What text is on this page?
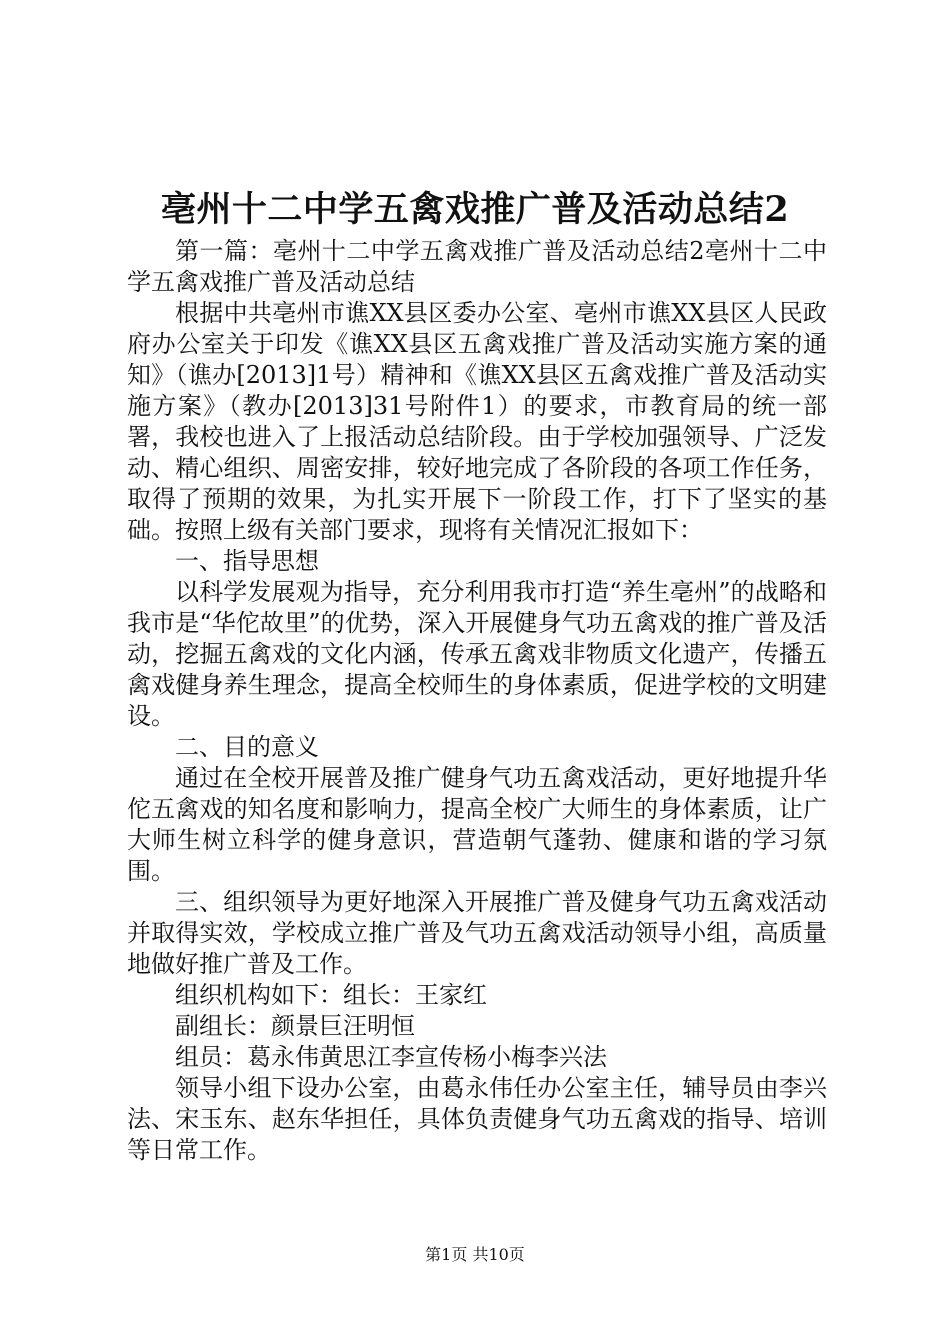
亳州十二中学五禽戏推广普及活动总结2

第一篇：亳州十二中学五禽戏推广普及活动总结2亳州十二中学五禽戏推广普及活动总结

根据中共亳州市谯XX县区委办公室、亳州市谯XX县区人民政府办公室关于印发《谯XX县区五禽戏推广普及活动实施方案的通知》（谯办[2013]1号）精神和《谯XX县区五禽戏推广普及活动实施方案》（教办[2013]31号附件1）的要求，市教育局的统一部署，我校也进入了上报活动总结阶段。由于学校加强领导、广泛发动、精心组织、周密安排，较好地完成了各阶段的各项工作任务，取得了预期的效果，为扎实开展下一阶段工作，打下了坚实的基础。按照上级有关部门要求，现将有关情况汇报如下：

一、指导思想

以科学发展观为指导，充分利用我市打造“养生亳州”的战略和我市是“华佗故里”的优势，深入开展健身气功五禽戏的推广普及活动，挖掘五禽戏的文化内涵，传承五禽戏非物质文化遗产，传播五禽戏健身养生理念，提高全校师生的身体素质，促进学校的文明建设。

二、目的意义

通过在全校开展普及推广健身气功五禽戏活动，更好地提升华佗五禽戏的知名度和影响力，提高全校广大师生的身体素质，让广大师生树立科学的健身意识，营造朝气蓬勃、健康和谐的学习氛围。

三、组织领导为更好地深入开展推广普及健身气功五禽戏活动并取得实效，学校成立推广普及气功五禽戏活动领导小组，高质量地做好推广普及工作。

组织机构如下：组长：王家红

副组长：颜景巨汪明恒

组员：葛永伟黄思江李宣传杨小梅李兴法

领导小组下设办公室，由葛永伟任办公室主任，辅导员由李兴法、宋玉东、赵东华担任，具体负责健身气功五禽戏的指导、培训等日常工作。

第1页 共10页
